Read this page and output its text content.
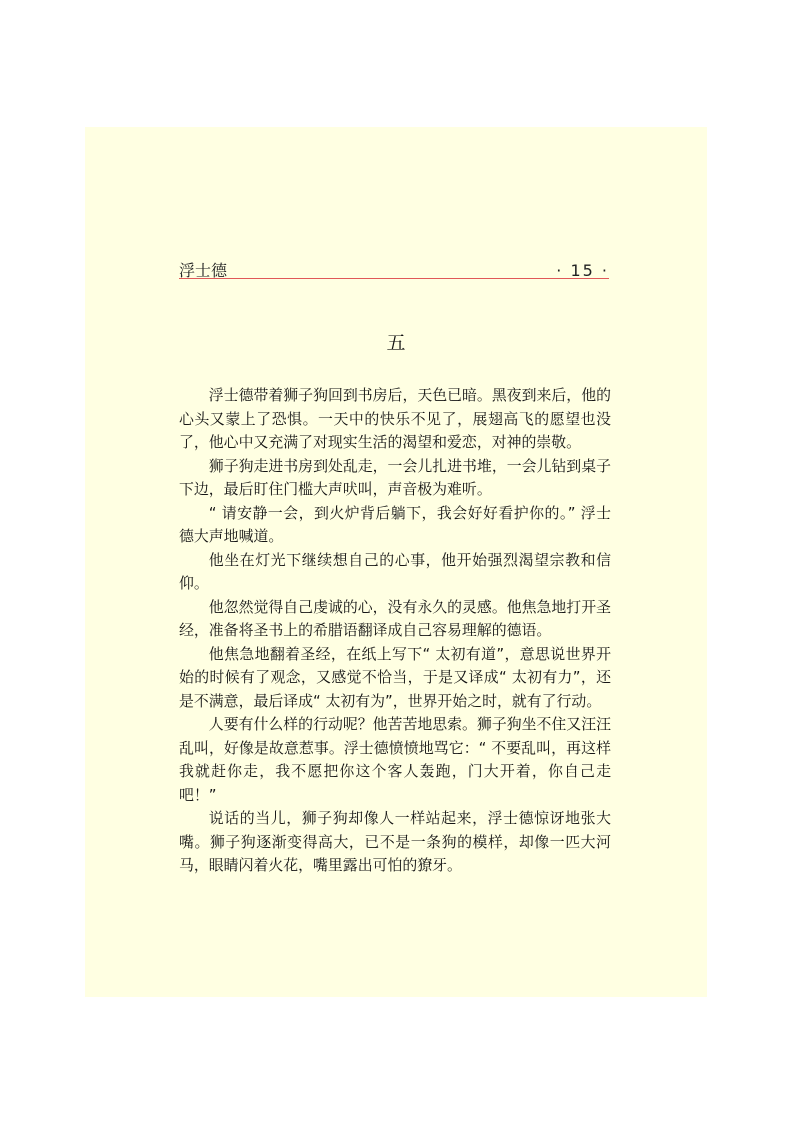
浮士德	· 15 ·
五

浮士德带着狮子狗回到书房后，天色已暗。黑夜到来后，他的心头又蒙上了恐惧。一天中的快乐不见了，展翅高飞的愿望也没了，他心中又充满了对现实生活的渴望和爱恋，对神的崇敬。

狮子狗走进书房到处乱走，一会儿扎进书堆，一会儿钻到桌子下边，最后盯住门槛大声吠叫，声音极为难听。

“ 请安静一会，到火炉背后躺下，我会好好看护你的。” 浮士德大声地喊道。

他坐在灯光下继续想自己的心事，他开始强烈渴望宗教和信仰。

他忽然觉得自己虔诚的心，没有永久的灵感。他焦急地打开圣经，准备将圣书上的希腊语翻译成自己容易理解的德语。

他焦急地翻着圣经，在纸上写下“ 太初有道”，意思说世界开始的时候有了观念，又感觉不恰当，于是又译成“ 太初有力”，还是不满意，最后译成“ 太初有为”，世界开始之时，就有了行动。

人要有什么样的行动呢？他苦苦地思索。狮子狗坐不住又汪汪乱叫，好像是故意惹事。浮士德愤愤地骂它：“ 不要乱叫，再这样我就赶你走，我不愿把你这个客人轰跑，门大开着，你自己走吧！”

说话的当儿，狮子狗却像人一样站起来，浮士德惊讶地张大嘴。狮子狗逐渐变得高大，已不是一条狗的模样，却像一匹大河马，眼睛闪着火花，嘴里露出可怕的獠牙。
